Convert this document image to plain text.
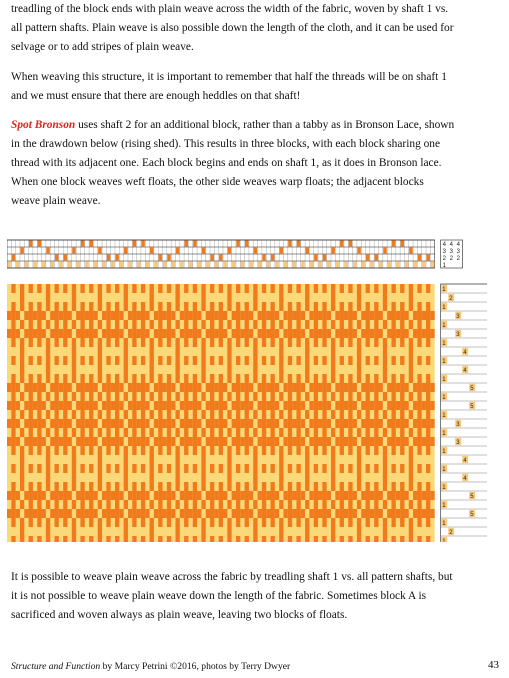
treadling of the block ends with plain weave across the width of the fabric, woven by shaft 1 vs.
all pattern shafts. Plain weave is also possible down the length of the cloth, and it can be used for
selvage or to add stripes of plain weave.

When weaving this structure, it is important to remember that half the threads will be on shaft 1
and we must ensure that there are enough heddles on that shaft!

Spot Bronson uses shaft 2 for an additional block, rather than a tabby as in Bronson Lace, shown
in the drawdown below (rising shed). This results in three blocks, with each block sharing one
thread with its adjacent one. Each block begins and ends on shaft 1, as it does in Bronson lace.
When one block weaves weft floats, the other side weaves warp floats; the adjacent blocks
weave plain weave.

4 4 4
3 3 3
2 2 2
1
1
2
1
3
1
3
1
4
1
4
1
5
1
5
1
3
1
3
1
4
1
4
1
5
1
5
1
2
1

It is possible to weave plain weave across the fabric by treadling shaft 1 vs. all pattern shafts, but
it is not possible to weave plain weave down the length of the fabric. Sometimes block A is
sacrificed and woven always as plain weave, leaving two blocks of floats.

Structure and Function by Marcy Petrini ©2016, photos by Terry Dwyer	43
